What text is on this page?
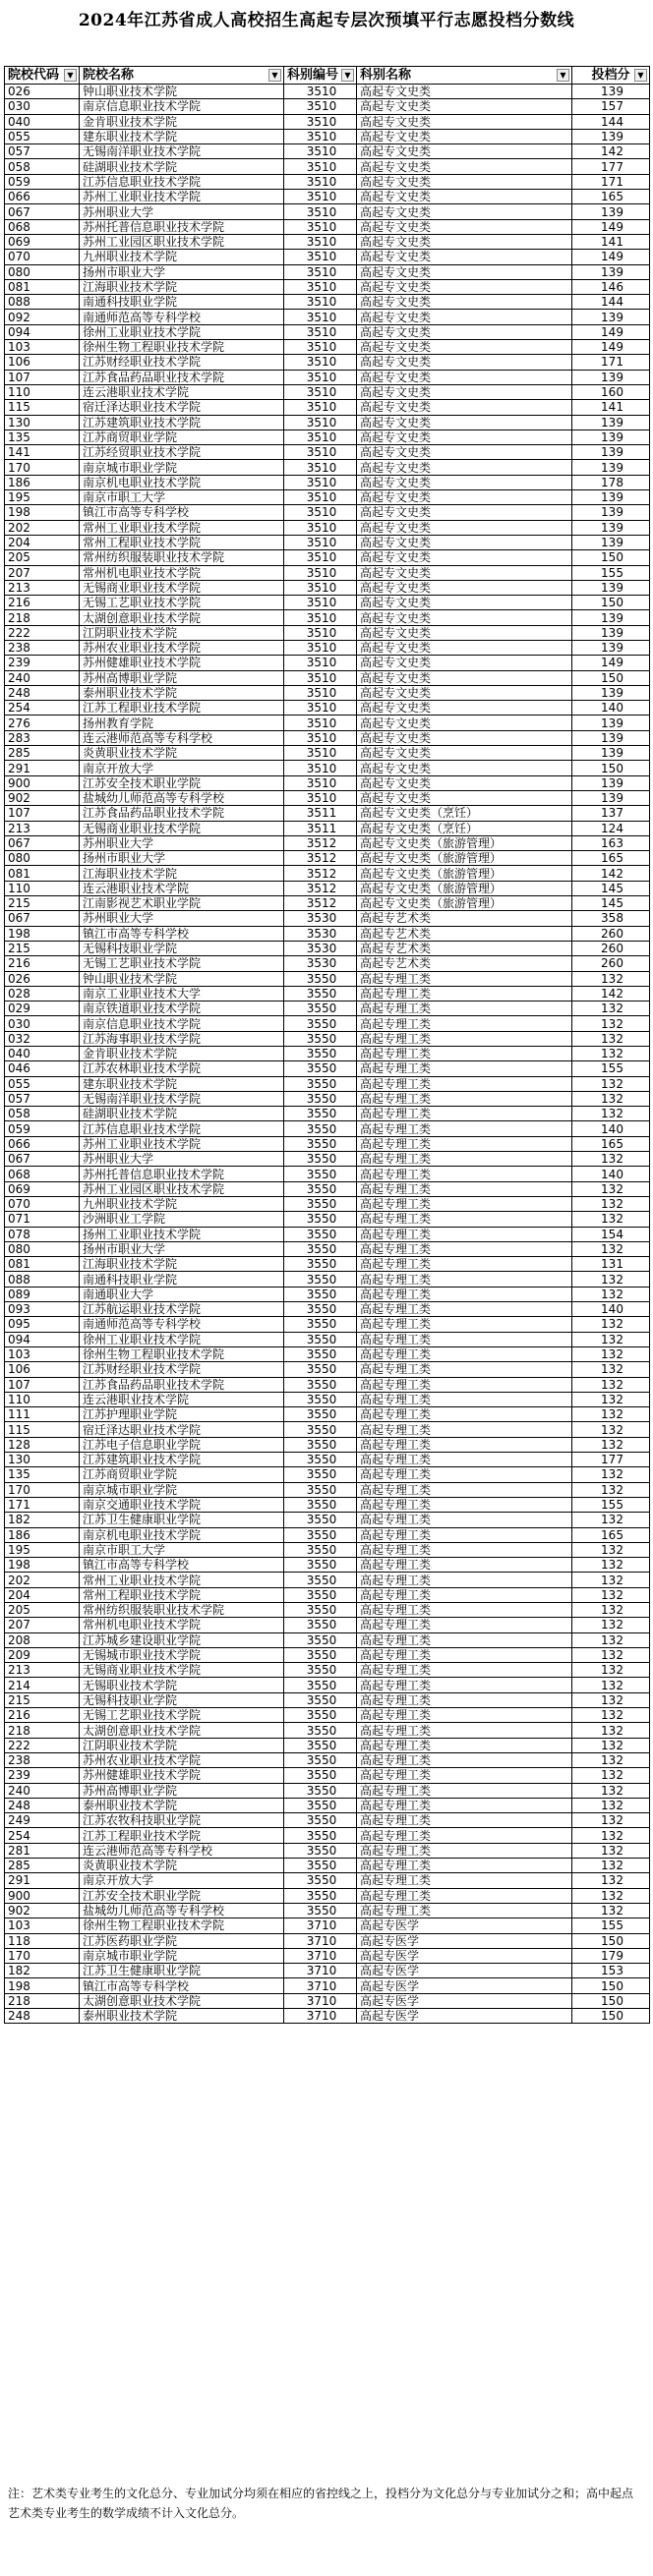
2024年江苏省成人高校招生高起专层次预填平行志愿投档分数线
院校代码 ▼	院校名称 ▼	科别编号 ▼	科别名称 ▼	投档分 ▼

026	钟山职业技术学院	3510	高起专文史类	139
030	南京信息职业技术学院	3510	高起专文史类	157
040	金肯职业技术学院	3510	高起专文史类	144
055	建东职业技术学院	3510	高起专文史类	139
057	无锡南洋职业技术学院	3510	高起专文史类	142
058	硅湖职业技术学院	3510	高起专文史类	177
059	江苏信息职业技术学院	3510	高起专文史类	171
066	苏州工业职业技术学院	3510	高起专文史类	165
067	苏州职业大学	3510	高起专文史类	139
068	苏州托普信息职业技术学院	3510	高起专文史类	149
069	苏州工业园区职业技术学院	3510	高起专文史类	141
070	九州职业技术学院	3510	高起专文史类	149
080	扬州市职业大学	3510	高起专文史类	139
081	江海职业技术学院	3510	高起专文史类	146
088	南通科技职业学院	3510	高起专文史类	144
092	南通师范高等专科学校	3510	高起专文史类	139
094	徐州工业职业技术学院	3510	高起专文史类	149
103	徐州生物工程职业技术学院	3510	高起专文史类	149
106	江苏财经职业技术学院	3510	高起专文史类	171
107	江苏食品药品职业技术学院	3510	高起专文史类	139
110	连云港职业技术学院	3510	高起专文史类	160
115	宿迁泽达职业技术学院	3510	高起专文史类	141
130	江苏建筑职业技术学院	3510	高起专文史类	139
135	江苏商贸职业学院	3510	高起专文史类	139
141	江苏经贸职业技术学院	3510	高起专文史类	139
170	南京城市职业学院	3510	高起专文史类	139
186	南京机电职业技术学院	3510	高起专文史类	178
195	南京市职工大学	3510	高起专文史类	139
198	镇江市高等专科学校	3510	高起专文史类	139
202	常州工业职业技术学院	3510	高起专文史类	139
204	常州工程职业技术学院	3510	高起专文史类	139
205	常州纺织服装职业技术学院	3510	高起专文史类	150
207	常州机电职业技术学院	3510	高起专文史类	155
213	无锡商业职业技术学院	3510	高起专文史类	139
216	无锡工艺职业技术学院	3510	高起专文史类	150
218	太湖创意职业技术学院	3510	高起专文史类	139
222	江阴职业技术学院	3510	高起专文史类	139
238	苏州农业职业技术学院	3510	高起专文史类	139
239	苏州健雄职业技术学院	3510	高起专文史类	149
240	苏州高博职业学院	3510	高起专文史类	150
248	泰州职业技术学院	3510	高起专文史类	139
254	江苏工程职业技术学院	3510	高起专文史类	140
276	扬州教育学院	3510	高起专文史类	139
283	连云港师范高等专科学校	3510	高起专文史类	139
285	炎黄职业技术学院	3510	高起专文史类	139
291	南京开放大学	3510	高起专文史类	150
900	江苏安全技术职业学院	3510	高起专文史类	139
902	盐城幼儿师范高等专科学校	3510	高起专文史类	139
107	江苏食品药品职业技术学院	3511	高起专文史类（烹饪）	137
213	无锡商业职业技术学院	3511	高起专文史类（烹饪）	124
067	苏州职业大学	3512	高起专文史类（旅游管理）	163
080	扬州市职业大学	3512	高起专文史类（旅游管理）	165
081	江海职业技术学院	3512	高起专文史类（旅游管理）	142
110	连云港职业技术学院	3512	高起专文史类（旅游管理）	145
215	江南影视艺术职业学院	3512	高起专文史类（旅游管理）	145
067	苏州职业大学	3530	高起专艺术类	358
198	镇江市高等专科学校	3530	高起专艺术类	260
215	无锡科技职业学院	3530	高起专艺术类	260
216	无锡工艺职业技术学院	3530	高起专艺术类	260
026	钟山职业技术学院	3550	高起专理工类	132
028	南京工业职业技术大学	3550	高起专理工类	142
029	南京铁道职业技术学院	3550	高起专理工类	132
030	南京信息职业技术学院	3550	高起专理工类	132
032	江苏海事职业技术学院	3550	高起专理工类	132
040	金肯职业技术学院	3550	高起专理工类	132
046	江苏农林职业技术学院	3550	高起专理工类	155
055	建东职业技术学院	3550	高起专理工类	132
057	无锡南洋职业技术学院	3550	高起专理工类	132
058	硅湖职业技术学院	3550	高起专理工类	132
059	江苏信息职业技术学院	3550	高起专理工类	140
066	苏州工业职业技术学院	3550	高起专理工类	165
067	苏州职业大学	3550	高起专理工类	132
068	苏州托普信息职业技术学院	3550	高起专理工类	140
069	苏州工业园区职业技术学院	3550	高起专理工类	132
070	九州职业技术学院	3550	高起专理工类	132
071	沙洲职业工学院	3550	高起专理工类	132
078	扬州工业职业技术学院	3550	高起专理工类	154
080	扬州市职业大学	3550	高起专理工类	132
081	江海职业技术学院	3550	高起专理工类	131
088	南通科技职业学院	3550	高起专理工类	132
089	南通职业大学	3550	高起专理工类	132
093	江苏航运职业技术学院	3550	高起专理工类	140
095	南通师范高等专科学校	3550	高起专理工类	132
094	徐州工业职业技术学院	3550	高起专理工类	132
103	徐州生物工程职业技术学院	3550	高起专理工类	132
106	江苏财经职业技术学院	3550	高起专理工类	132
107	江苏食品药品职业技术学院	3550	高起专理工类	132
110	连云港职业技术学院	3550	高起专理工类	132
111	江苏护理职业学院	3550	高起专理工类	132
115	宿迁泽达职业技术学院	3550	高起专理工类	132
128	江苏电子信息职业学院	3550	高起专理工类	132
130	江苏建筑职业技术学院	3550	高起专理工类	177
135	江苏商贸职业学院	3550	高起专理工类	132
170	南京城市职业学院	3550	高起专理工类	132
171	南京交通职业技术学院	3550	高起专理工类	155
182	江苏卫生健康职业学院	3550	高起专理工类	132
186	南京机电职业技术学院	3550	高起专理工类	165
195	南京市职工大学	3550	高起专理工类	132
198	镇江市高等专科学校	3550	高起专理工类	132
202	常州工业职业技术学院	3550	高起专理工类	132
204	常州工程职业技术学院	3550	高起专理工类	132
205	常州纺织服装职业技术学院	3550	高起专理工类	132
207	常州机电职业技术学院	3550	高起专理工类	132
208	江苏城乡建设职业学院	3550	高起专理工类	132
209	无锡城市职业技术学院	3550	高起专理工类	132
213	无锡商业职业技术学院	3550	高起专理工类	132
214	无锡职业技术学院	3550	高起专理工类	132
215	无锡科技职业学院	3550	高起专理工类	132
216	无锡工艺职业技术学院	3550	高起专理工类	132
218	太湖创意职业技术学院	3550	高起专理工类	132
222	江阴职业技术学院	3550	高起专理工类	132
238	苏州农业职业技术学院	3550	高起专理工类	132
239	苏州健雄职业技术学院	3550	高起专理工类	132
240	苏州高博职业学院	3550	高起专理工类	132
248	泰州职业技术学院	3550	高起专理工类	132
249	江苏农牧科技职业学院	3550	高起专理工类	132
254	江苏工程职业技术学院	3550	高起专理工类	132
281	连云港师范高等专科学校	3550	高起专理工类	132
285	炎黄职业技术学院	3550	高起专理工类	132
291	南京开放大学	3550	高起专理工类	132
900	江苏安全技术职业学院	3550	高起专理工类	132
902	盐城幼儿师范高等专科学校	3550	高起专理工类	132
103	徐州生物工程职业技术学院	3710	高起专医学	155
118	江苏医药职业学院	3710	高起专医学	150
170	南京城市职业学院	3710	高起专医学	179
182	江苏卫生健康职业学院	3710	高起专医学	153
198	镇江市高等专科学校	3710	高起专医学	150
218	太湖创意职业技术学院	3710	高起专医学	150
248	泰州职业技术学院	3710	高起专医学	150
注：艺术类专业考生的文化总分、专业加试分均须在相应的省控线之上，投档分为文化总分与专业加试分之和；高中起点艺术类专业考生的数学成绩不计入文化总分。
